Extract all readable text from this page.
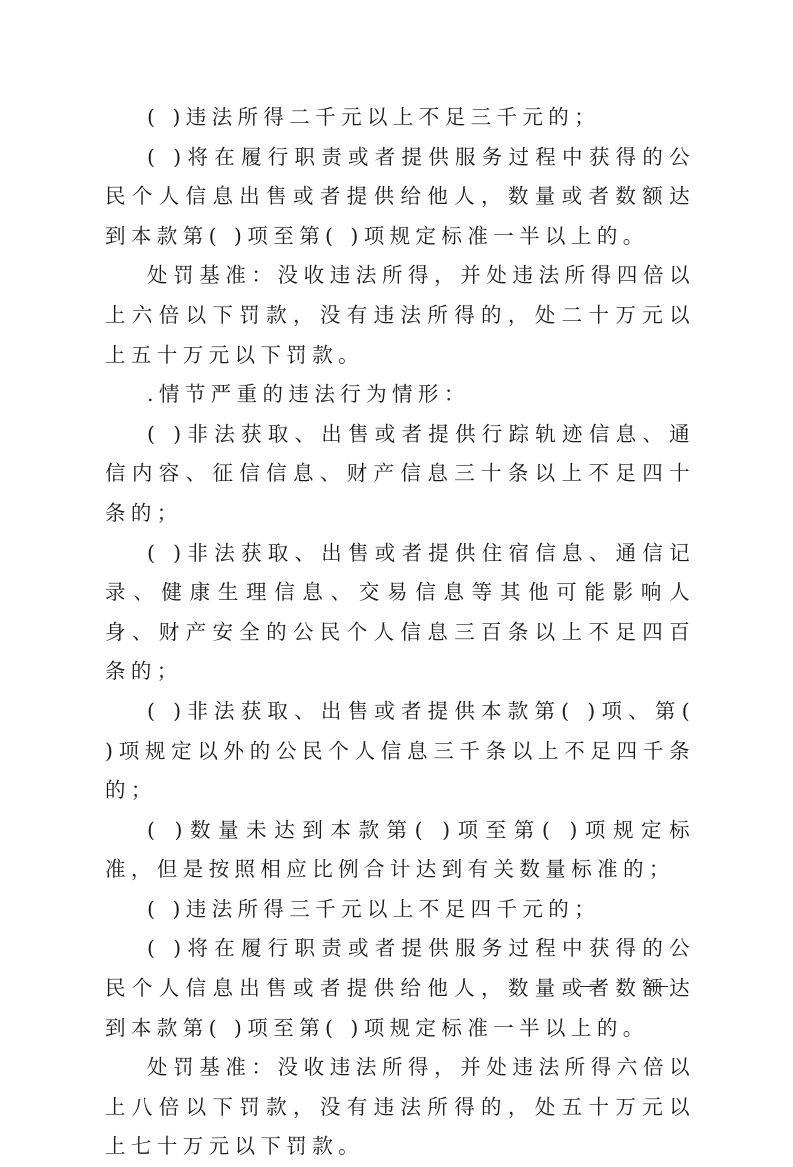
( )违法所得二千元以上不足三千元的；

( )将在履行职责或者提供服务过程中获得的公民个人信息出售或者提供给他人，数量或者数额达到本款第( )项至第( )项规定标准一半以上的。

处罚基准：没收违法所得，并处违法所得四倍以上六倍以下罚款，没有违法所得的，处二十万元以上五十万元以下罚款。

.情节严重的违法行为情形：

( )非法获取、出售或者提供行踪轨迹信息、通信内容、征信信息、财产信息三十条以上不足四十条的；

( )非法获取、出售或者提供住宿信息、通信记录、健康生理信息、交易信息等其他可能影响人身、财产安全的公民个人信息三百条以上不足四百条的；

( )非法获取、出售或者提供本款第( )项、第( )项规定以外的公民个人信息三千条以上不足四千条的；

( )数量未达到本款第( )项至第( )项规定标准，但是按照相应比例合计达到有关数量标准的；

( )违法所得三千元以上不足四千元的；

( )将在履行职责或者提供服务过程中获得的公民个人信息出售或者提供给他人，数量或者数额达到本款第( )项至第( )项规定标准一半以上的。

处罚基准：没收违法所得，并处违法所得六倍以上八倍以下罚款，没有违法所得的，处五十万元以上七十万元以下罚款。
